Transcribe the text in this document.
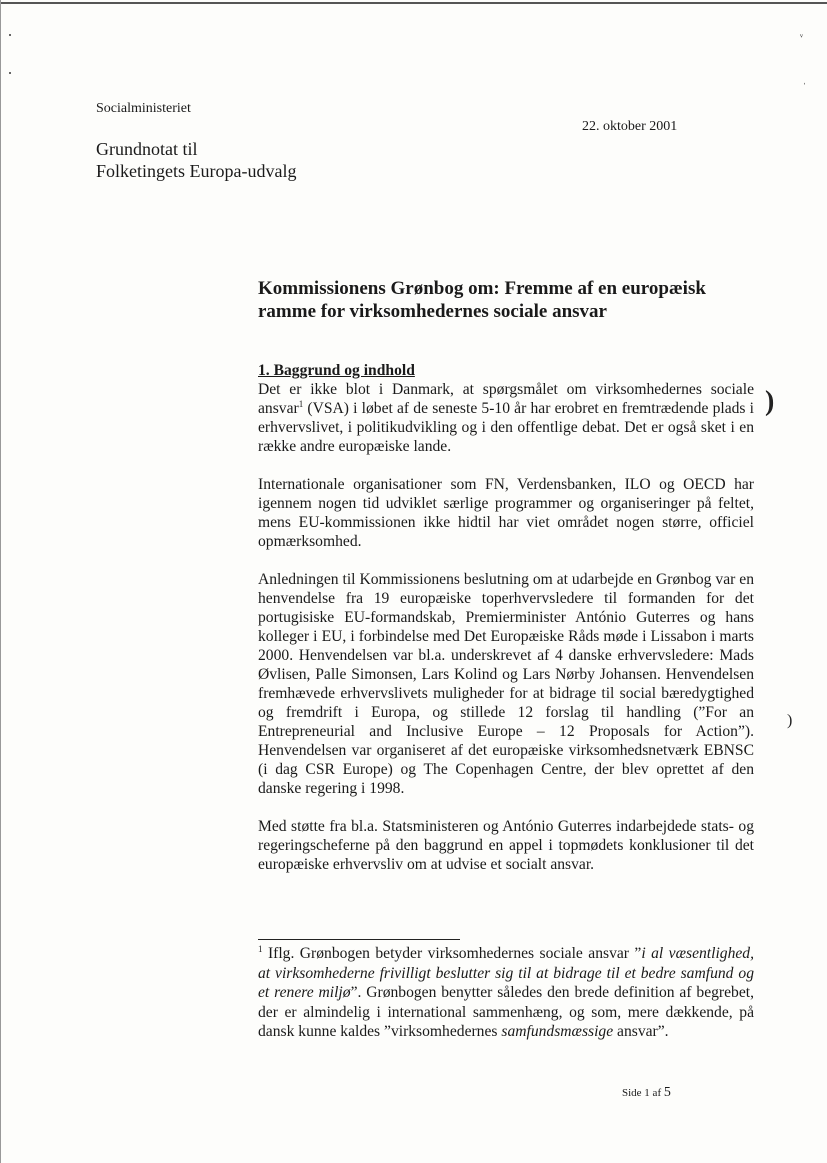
Socialministeriet
22. oktober 2001
Grundnotat til
Folketingets Europa-udvalg
Kommissionens Grønbog om: Fremme af en europæisk
ramme for virksomhedernes sociale ansvar
1. Baggrund og indhold

Det er ikke blot i Danmark, at spørgsmålet om virksomhedernes sociale ansvar$^1$ (VSA) i løbet af de seneste 5-10 år har erobret en fremtrædende plads i erhvervslivet, i politikudvikling og i den offentlige debat. Det er også sket i en række andre europæiske lande.

Internationale organisationer som FN, Verdensbanken, ILO og OECD har igennem nogen tid udviklet særlige programmer og organiseringer på feltet, mens EU-kommissionen ikke hidtil har viet området nogen større, officiel opmærksomhed.

Anledningen til Kommissionens beslutning om at udarbejde en Grønbog var en henvendelse fra 19 europæiske toperhvervsledere til formanden for det portugisiske EU-formandskab, Premierminister António Guterres og hans kolleger i EU, i forbindelse med Det Europæiske Råds møde i Lissabon i marts 2000. Henvendelsen var bl.a. underskrevet af 4 danske erhvervsledere: Mads Øvlisen, Palle Simonsen, Lars Kolind og Lars Nørby Johansen. Henvendelsen fremhævede erhvervslivets muligheder for at bidrage til social bæredygtighed og fremdrift i Europa, og stillede 12 forslag til handling (”For an Entrepreneurial and Inclusive Europe – 12 Proposals for Action”). Henvendelsen var organiseret af det europæiske virksomhedsnetværk EBNSC (i dag CSR Europe) og The Copenhagen Centre, der blev oprettet af den danske regering i 1998.

Med støtte fra bl.a. Statsministeren og António Guterres indarbejdede stats- og regeringscheferne på den baggrund en appel i topmødets konklusioner til det europæiske erhvervsliv om at udvise et socialt ansvar.

$^1$ Iflg. Grønbogen betyder virksomhedernes sociale ansvar ”i al væsentlighed, at virksomhederne frivilligt beslutter sig til at bidrage til et bedre samfund og et renere miljø”. Grønbogen benytter således den brede definition af begrebet, der er almindelig i international sammenhæng, og som, mere dækkende, på dansk kunne kaldes ”virksomhedernes samfundsmæssige ansvar”.
Side 1 af 5
)
)
ᵛ
ˈ
